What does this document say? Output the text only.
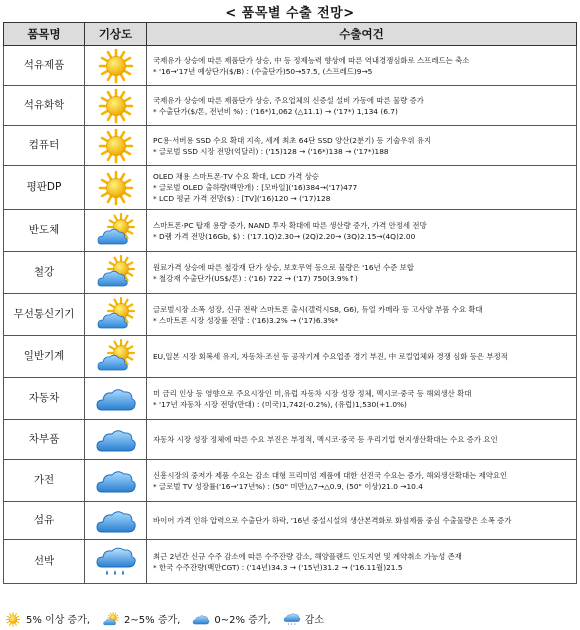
< 품목별 수출 전망>
품목명	기상도	수출여건
석유제품		국제유가 상승에 따른 제품단가 상승, 中 등 정제능력 향상에 따른 역내경쟁심화로 스프레드는 축소
* '16→'17년 예상단가($/B) : (수출단가)50→57.5, (스프레드)9→5

석유화학		국제유가 상승에 따른 제품단가 상승, 주요업체의 신증설 설비 가동에 따른 물량 증가
* 수출단가($/톤, 전년비 %) : ('16*)1,062 (△11.1) → ('17*) 1,134 (6.7)

컴퓨터		PC용·서버용 SSD 수요 확대 지속, 세계 최초 64단 SSD 양산(2분기) 등 기술우위 유지
* 글로벌 SSD 시장 전망(억달러) : ('15)128 → ('16*)138 → ('17*)188

평판DP		OLED 채용 스마트폰·TV 수요 확대, LCD 가격 상승
* 글로벌 OLED 출하량(백만개) : [모바일]('16)384→('17)477
* LCD 평균 가격 전망($) : [TV]('16)120 → ('17)128

반도체		스마트폰·PC 탑재 용량 증가, NAND 투자 확대에 따른 생산량 증가, 가격 안정세 전망
* D램 가격 전망(16Gb, $) : ('17.1Q)2.30→ (2Q)2.20→ (3Q)2.15→(4Q)2.00

철강		원료가격 상승에 따른 철강재 단가 상승, 보호무역 등으로 물량은 '16년 수준 보합
* 철강재 수출단가(US$/톤) : ('16) 722 → ('17) 750(3.9%↑)

무선통신기기		글로벌시장 소폭 성장, 신규 전략 스마트폰 출시(갤럭시S8, G6), 듀얼 카메라 등 고사양 부품 수요 확대
* 스마트폰 시장 성장률 전망 : ('16)3.2% → ('17)6.3%*

일반기계		EU,일본 시장 회복세 유지, 자동차·조선 등 공작기계 수요업종 경기 부진, 中 로컬업체와 경쟁 심화 등은 부정적

자동차		미 금리 인상 등 영향으로 주요시장인 미,유럽 자동차 시장 성장 정체, 멕시코·중국 등 해외생산 확대
* '17년 자동차 시장 전망(만대) : (미국)1,742(-0.2%), (유럽)1,530(+1.0%)

차부품		자동차 시장 성장 정체에 따른 수요 부진은 부정적, 멕시코·중국 등 우리기업 현지생산확대는 수요 증가 요인

가전		신흥시장의 중저가 제품 수요는 감소 대형 프리미엄 제품에 대한 선진국 수요는 증가, 해외생산확대는 제약요인
* 글로벌 TV 성장률('16→'17년%) : (50" 미만)△7→△0.9, (50" 이상)21.0 →10.4

섬유		바이어 가격 인하 압력으로 수출단가 하락, '16년 중설시설의 생산본격화로 화섬제품 중심 수출물량은 소폭 증가

선박		최근 2년간 신규 수주 감소에 따른 수주잔량 감소, 해양플랜드 인도지연 및 계약취소 가능성 존재
* 한국 수주잔량(백만CGT) : ('14년)34.3 → ('15년)31.2 → ('16.11월)21.5
5% 이상 증가,	2~5% 증가,	0~2% 증가,	감소
